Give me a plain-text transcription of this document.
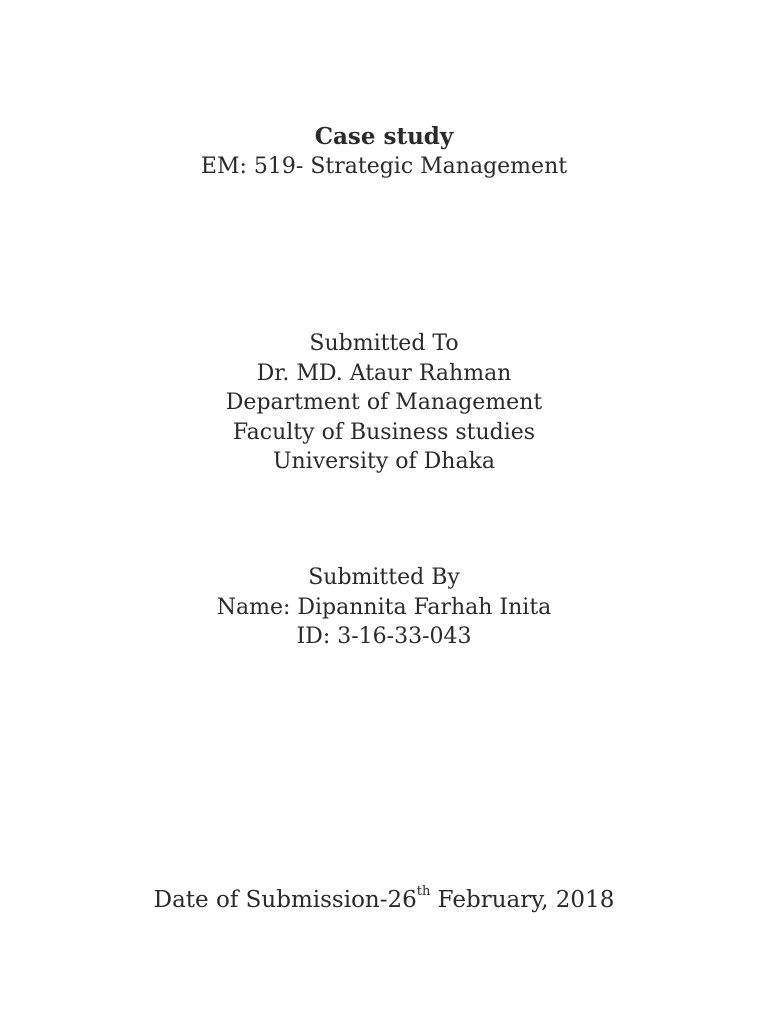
Case study
EM: 519- Strategic Management
Submitted To
Dr. MD. Ataur Rahman
Department of Management
Faculty of Business studies
University of Dhaka
Submitted By
Name: Dipannita Farhah Inita
ID: 3-16-33-043
Date of Submission-26th February, 2018
